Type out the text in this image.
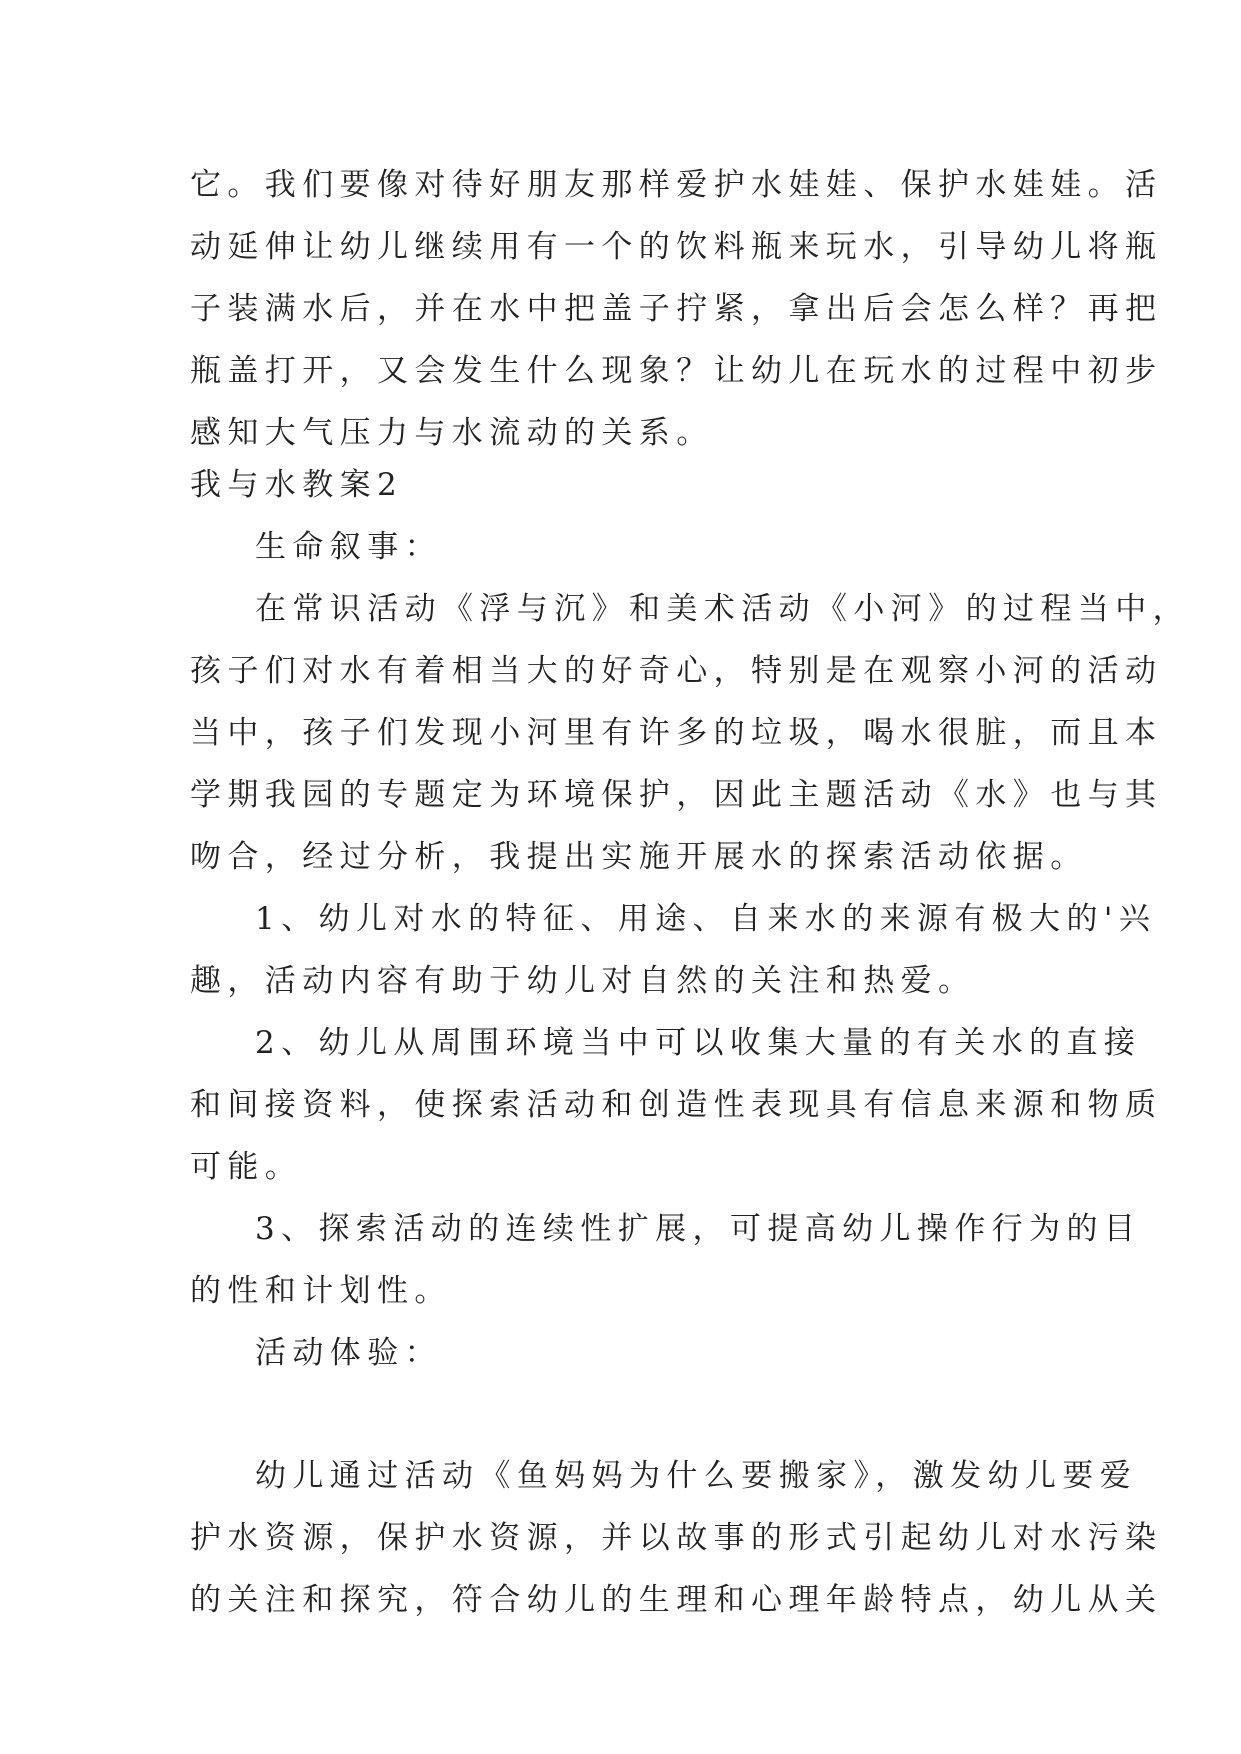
它。我们要像对待好朋友那样爱护水娃娃、保护水娃娃。活
动延伸让幼儿继续用有一个的饮料瓶来玩水，引导幼儿将瓶
子装满水后，并在水中把盖子拧紧，拿出后会怎么样？再把
瓶盖打开，又会发生什么现象？让幼儿在玩水的过程中初步
感知大气压力与水流动的关系。
我与水教案2
生命叙事：
在常识活动《浮与沉》和美术活动《小河》的过程当中，
孩子们对水有着相当大的好奇心，特别是在观察小河的活动
当中，孩子们发现小河里有许多的垃圾，喝水很脏，而且本
学期我园的专题定为环境保护，因此主题活动《水》也与其
吻合，经过分析，我提出实施开展水的探索活动依据。
1、幼儿对水的特征、用途、自来水的来源有极大的'兴
趣，活动内容有助于幼儿对自然的关注和热爱。
2、幼儿从周围环境当中可以收集大量的有关水的直接
和间接资料，使探索活动和创造性表现具有信息来源和物质
可能。
3、探索活动的连续性扩展，可提高幼儿操作行为的目
的性和计划性。
活动体验：
幼儿通过活动《鱼妈妈为什么要搬家》，激发幼儿要爱
护水资源，保护水资源，并以故事的形式引起幼儿对水污染
的关注和探究，符合幼儿的生理和心理年龄特点，幼儿从关
